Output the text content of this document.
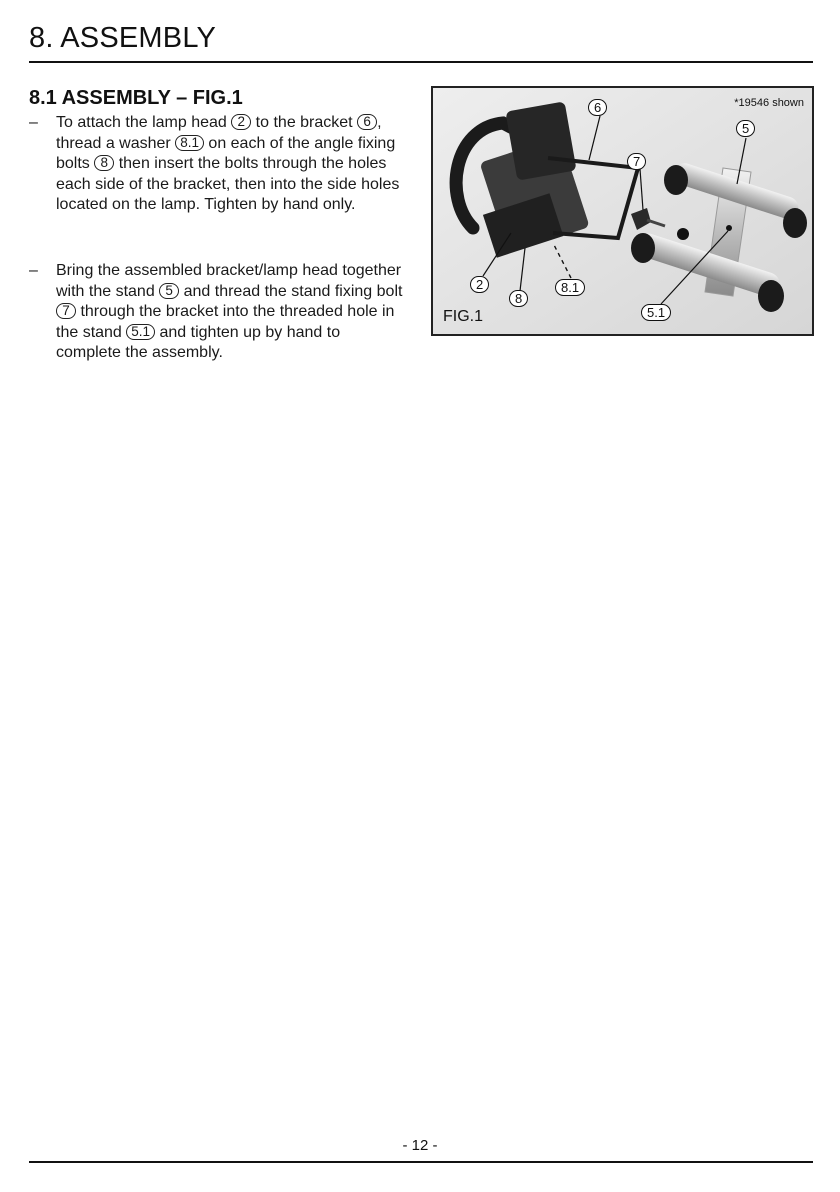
8. ASSEMBLY
8.1 ASSEMBLY – FIG.1
– To attach the lamp head 2 to the bracket 6 , thread a washer 8.1 on each of the angle fixing bolts 8 then insert the bolts through the holes each side of the bracket, then into the side holes located on the lamp. Tighten by hand only.
– Bring the assembled bracket/lamp head together with the stand 5 and thread the stand fixing bolt 7 through the bracket into the threaded hole in the stand 5.1 and tighten up by hand to complete the assembly.
*19546 shown
6
5
7
2
8
8.1
5.1
FIG.1
- 12 -
